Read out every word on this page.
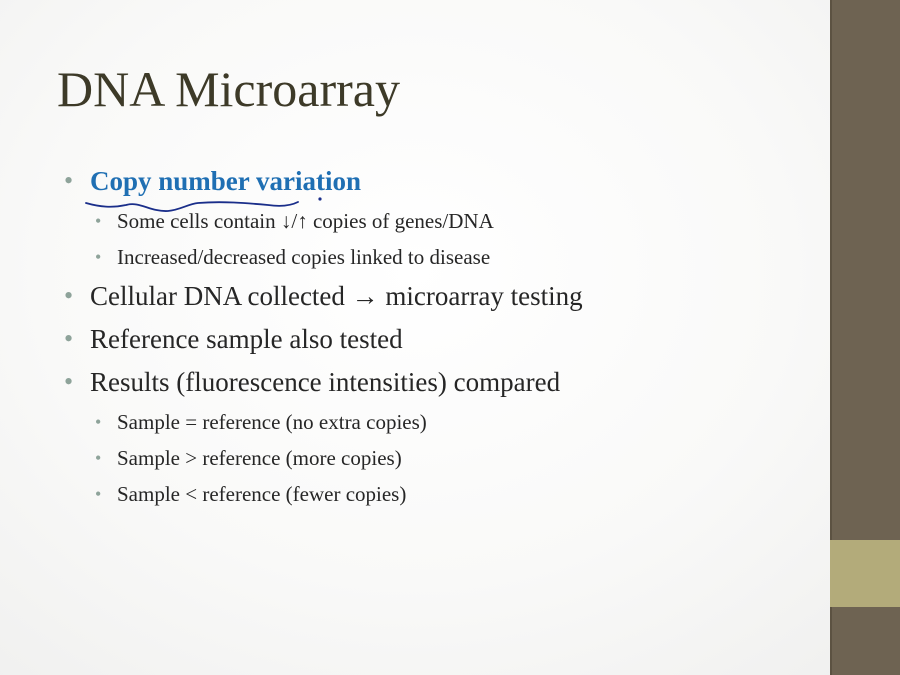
DNA Microarray
• Copy number variation
• Some cells contain ↓/↑ copies of genes/DNA
• Increased/decreased copies linked to disease
• Cellular DNA collected → microarray testing
• Reference sample also tested
• Results (fluorescence intensities) compared
• Sample = reference (no extra copies)
• Sample > reference (more copies)
• Sample < reference (fewer copies)
